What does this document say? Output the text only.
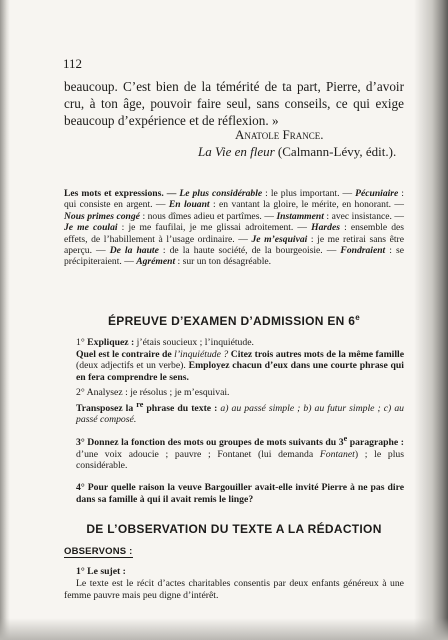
112
beaucoup. C’est bien de la témérité de ta part, Pierre, d’avoir cru, à ton âge, pouvoir faire seul, sans conseils, ce qui exige beaucoup d’expérience et de réflexion. »
Anatole France.
La Vie en fleur (Calmann-Lévy, édit.).
Les mots et expressions. — Le plus considérable : le plus important. — Pécuniaire : qui consiste en argent. — En louant : en vantant la gloire, le mérite, en honorant. — Nous primes congé : nous dîmes adieu et partîmes. — Instamment : avec insistance. — Je me coulai : je me faufilai, je me glissai adroitement. — Hardes : ensemble des effets, de l’habillement à l’usage ordinaire. — Je m’esquivai : je me retirai sans être aperçu. — De la haute : de la haute société, de la bourgeoisie. — Fondraient : se précipiteraient. — Agrément : sur un ton désagréable.
ÉPREUVE D’EXAMEN D’ADMISSION EN 6e
1° Expliquez : j’étais soucieux ; l’inquiétude.
Quel est le contraire de l’inquiétude ? Citez trois autres mots de la même famille (deux adjectifs et un verbe). Employez chacun d’eux dans une courte phrase qui en fera comprendre le sens.
2° Analysez : je résolus ; je m’esquivai.
Transposez la $^{re}$ phrase du texte : a) au passé simple ; b) au futur simple ; c) au passé composé.
3° Donnez la fonction des mots ou groupes de mots suivants du 3e paragraphe : d’une voix adoucie ; pauvre ; Fontanet (lui demanda Fontanet) ; le plus considérable.
4° Pour quelle raison la veuve Bargouiller avait-elle invité Pierre à ne pas dire dans sa famille à qui il avait remis le linge?
DE L’OBSERVATION DU TEXTE A LA RÉDACTION
OBSERVONS :
1° Le sujet :
Le texte est le récit d’actes charitables consentis par deux enfants généreux à une femme pauvre mais peu digne d’intérêt.
